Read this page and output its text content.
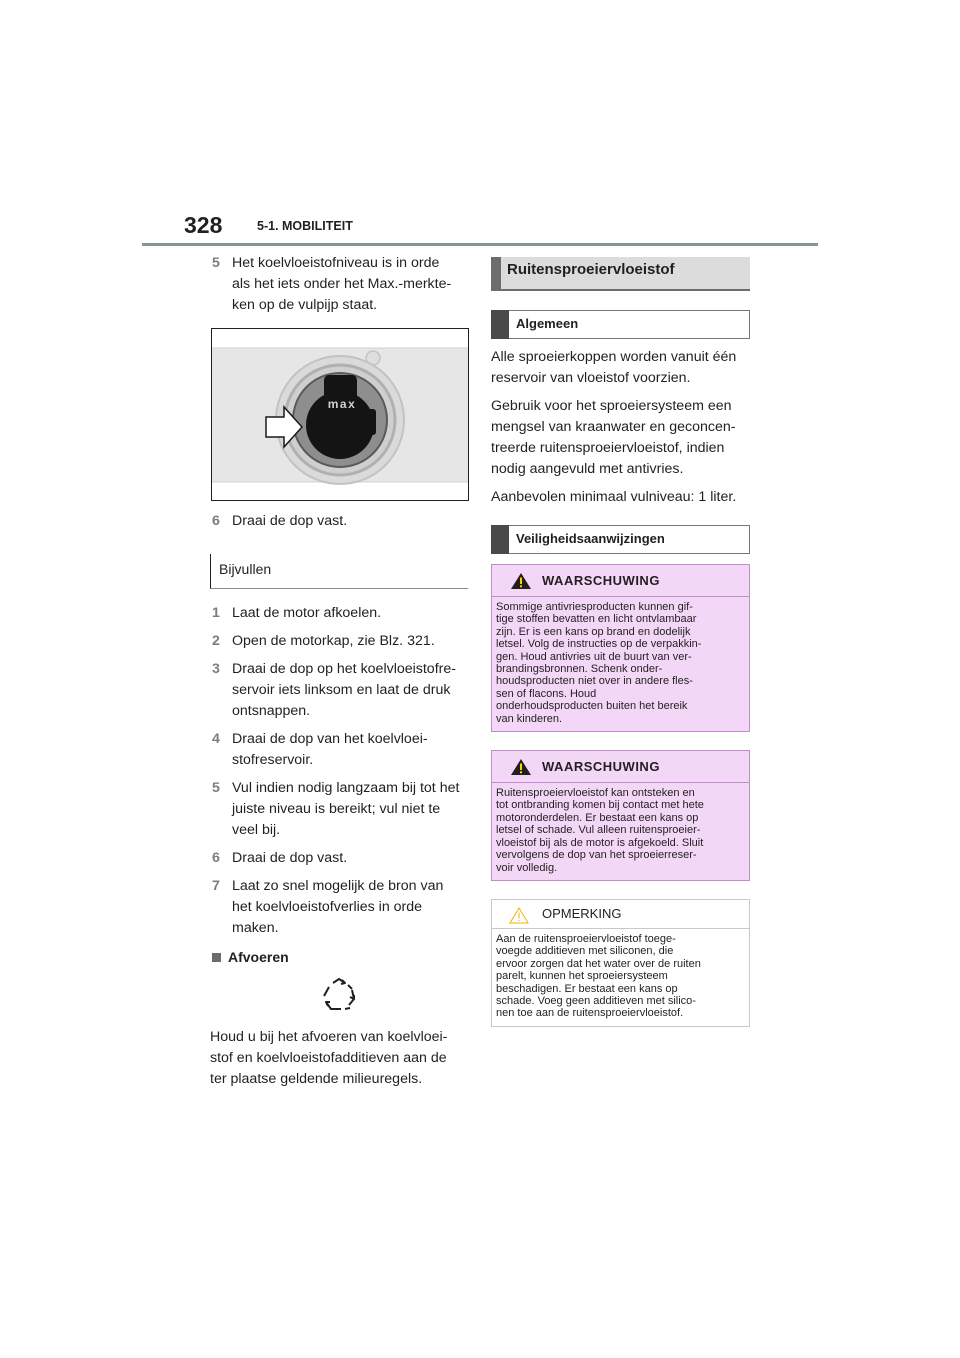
328	5-1. MOBILITEIT
5 Het koelvloeistofniveau is in orde
als het iets onder het Max.-merkte-
ken op de vulpijp staat.
max
6 Draai de dop vast.
Bijvullen
1 Laat de motor afkoelen.
2 Open de motorkap, zie Blz. 321.
3 Draai de dop op het koelvloeistofre-
servoir iets linksom en laat de druk
ontsnappen.
4 Draai de dop van het koelvloei-
stofreservoir.
5 Vul indien nodig langzaam bij tot het
juiste niveau is bereikt; vul niet te
veel bij.
6 Draai de dop vast.
7 Laat zo snel mogelijk de bron van
het koelvloeistofverlies in orde
maken.
Afvoeren
Houd u bij het afvoeren van koelvloei-
stof en koelvloeistofadditieven aan de
ter plaatse geldende milieuregels.
Ruitensproeiervloeistof
Algemeen
Alle sproeierkoppen worden vanuit één
reservoir van vloeistof voorzien.
Gebruik voor het sproeiersysteem een
mengsel van kraanwater en geconcen-
treerde ruitensproeiervloeistof, indien
nodig aangevuld met antivries.
Aanbevolen minimaal vulniveau: 1 liter.
Veiligheidsaanwijzingen
WAARSCHUWING
Sommige antivriesproducten kunnen gif-
tige stoffen bevatten en licht ontvlambaar
zijn. Er is een kans op brand en dodelijk
letsel. Volg de instructies op de verpakkin-
gen. Houd antivries uit de buurt van ver-
brandingsbronnen. Schenk onder-
houdsproducten niet over in andere fles-
sen of flacons. Houd
onderhoudsproducten buiten het bereik
van kinderen.
WAARSCHUWING
Ruitensproeiervloeistof kan ontsteken en
tot ontbranding komen bij contact met hete
motoronderdelen. Er bestaat een kans op
letsel of schade. Vul alleen ruitensproeier-
vloeistof bij als de motor is afgekoeld. Sluit
vervolgens de dop van het sproeierreser-
voir volledig.
OPMERKING
Aan de ruitensproeiervloeistof toege-
voegde additieven met siliconen, die
ervoor zorgen dat het water over de ruiten
parelt, kunnen het sproeiersysteem
beschadigen. Er bestaat een kans op
schade. Voeg geen additieven met silico-
nen toe aan de ruitensproeiervloeistof.
